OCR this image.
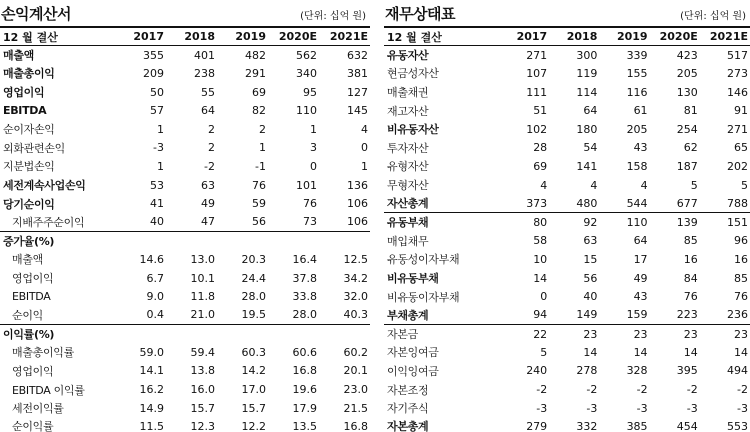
손익계산서	(단위: 십억 원)
12 월 결산	2017	2018	2019	2020E	2021E
매출액	355	401	482	562	632
매출총이익	209	238	291	340	381
영업이익	50	55	69	95	127
EBITDA	57	64	82	110	145
순이자손익	1	2	2	1	4
외화관련손익	-3	2	1	3	0
지분법손익	1	-2	-1	0	1
세전계속사업손익	53	63	76	101	136
당기순이익	41	49	59	76	106
지배주주순이익	40	47	56	73	106
증가율(%)					
매출액	14.6	13.0	20.3	16.4	12.5
영업이익	6.7	10.1	24.4	37.8	34.2
EBITDA	9.0	11.8	28.0	33.8	32.0
순이익	0.4	21.0	19.5	28.0	40.3
이익률(%)					
매출총이익률	59.0	59.4	60.3	60.6	60.2
영업이익	14.1	13.8	14.2	16.8	20.1
EBITDA 이익률	16.2	16.0	17.0	19.6	23.0
세전이익률	14.9	15.7	15.7	17.9	21.5
순이익률	11.5	12.3	12.2	13.5	16.8
재무상태표	(단위: 십억 원)
12 월 결산	2017	2018	2019	2020E	2021E
유동자산	271	300	339	423	517
현금성자산	107	119	155	205	273
매출채권	111	114	116	130	146
재고자산	51	64	61	81	91
비유동자산	102	180	205	254	271
투자자산	28	54	43	62	65
유형자산	69	141	158	187	202
무형자산	4	4	4	5	5
자산총계	373	480	544	677	788
유동부채	80	92	110	139	151
매입채무	58	63	64	85	96
유동성이자부채	10	15	17	16	16
비유동부채	14	56	49	84	85
비유동이자부채	0	40	43	76	76
부채총계	94	149	159	223	236
자본금	22	23	23	23	23
자본잉여금	5	14	14	14	14
이익잉여금	240	278	328	395	494
자본조정	-2	-2	-2	-2	-2
자기주식	-3	-3	-3	-3	-3
자본총계	279	332	385	454	553
